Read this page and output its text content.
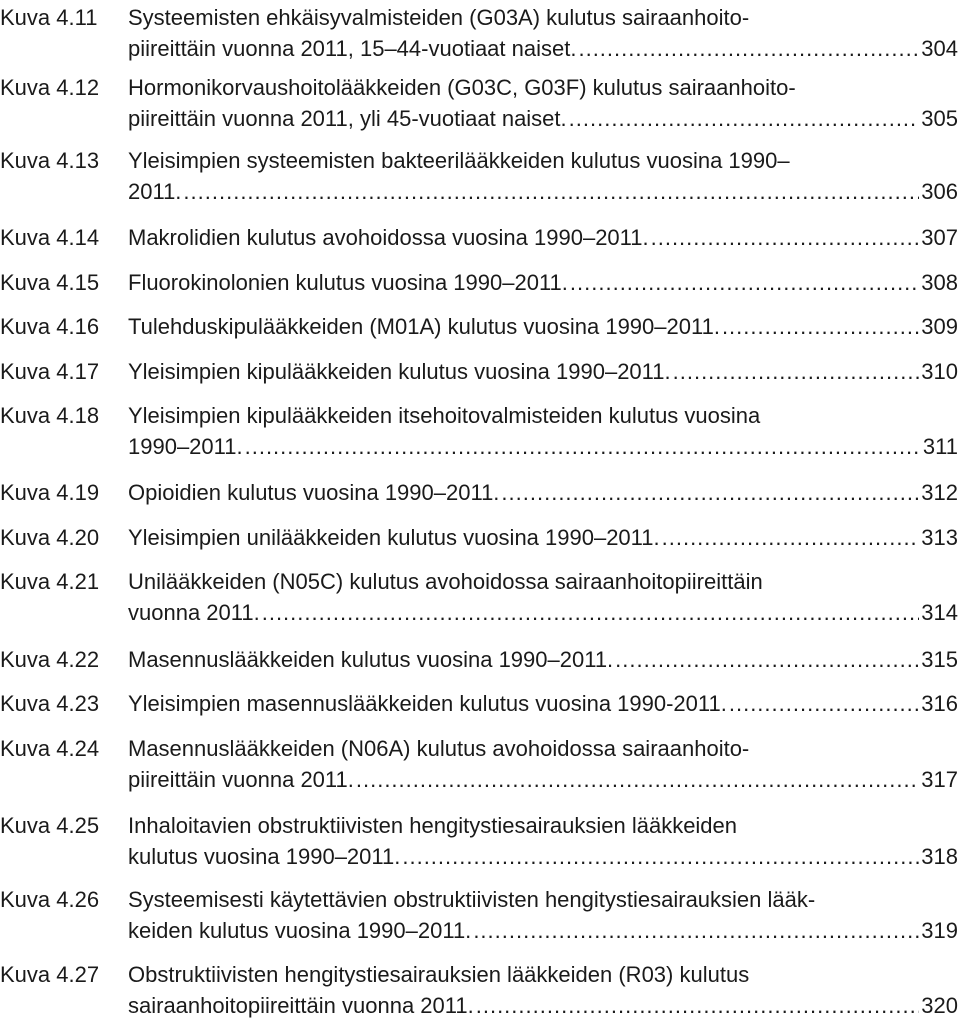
Kuva 4.11 Systeemisten ehkäisyvalmisteiden (G03A) kulutus sairaanhoito-
piireittäin vuonna 2011, 15–44-vuotiaat naiset. .....	304
Kuva 4.12 Hormonikorvaushoitolääkkeiden (G03C, G03F) kulutus sairaanhoito-
piireittäin vuonna 2011, yli 45-vuotiaat naiset. .....	305
Kuva 4.13 Yleisimpien systeemisten bakteerilääkkeiden kulutus vuosina 1990–
2011. .....	306
Kuva 4.14 Makrolidien kulutus avohoidossa vuosina 1990–2011. .....	307
Kuva 4.15 Fluorokinolonien kulutus vuosina 1990–2011. .....	308
Kuva 4.16 Tulehduskipulääkkeiden (M01A) kulutus vuosina 1990–2011. .....	309
Kuva 4.17 Yleisimpien kipulääkkeiden kulutus vuosina 1990–2011. .....	310
Kuva 4.18 Yleisimpien kipulääkkeiden itsehoitovalmisteiden kulutus vuosina
1990–2011. .....	311
Kuva 4.19 Opioidien kulutus vuosina 1990–2011. .....	312
Kuva 4.20 Yleisimpien unilääkkeiden kulutus vuosina 1990–2011. .....	313
Kuva 4.21 Unilääkkeiden (N05C) kulutus avohoidossa sairaanhoitopiireittäin
vuonna 2011. .....	314
Kuva 4.22 Masennuslääkkeiden kulutus vuosina 1990–2011. .....	315
Kuva 4.23 Yleisimpien masennuslääkkeiden kulutus vuosina 1990-2011. .....	316
Kuva 4.24 Masennuslääkkeiden (N06A) kulutus avohoidossa sairaanhoito-
piireittäin vuonna 2011. .....	317
Kuva 4.25 Inhaloitavien obstruktiivisten hengitystiesairauksien lääkkeiden
kulutus vuosina 1990–2011. .....	318
Kuva 4.26 Systeemisesti käytettävien obstruktiivisten hengitystiesairauksien lääk-
keiden kulutus vuosina 1990–2011. .....	319
Kuva 4.27 Obstruktiivisten hengitystiesairauksien lääkkeiden (R03) kulutus
sairaanhoitopiireittäin vuonna 2011. .....	320
